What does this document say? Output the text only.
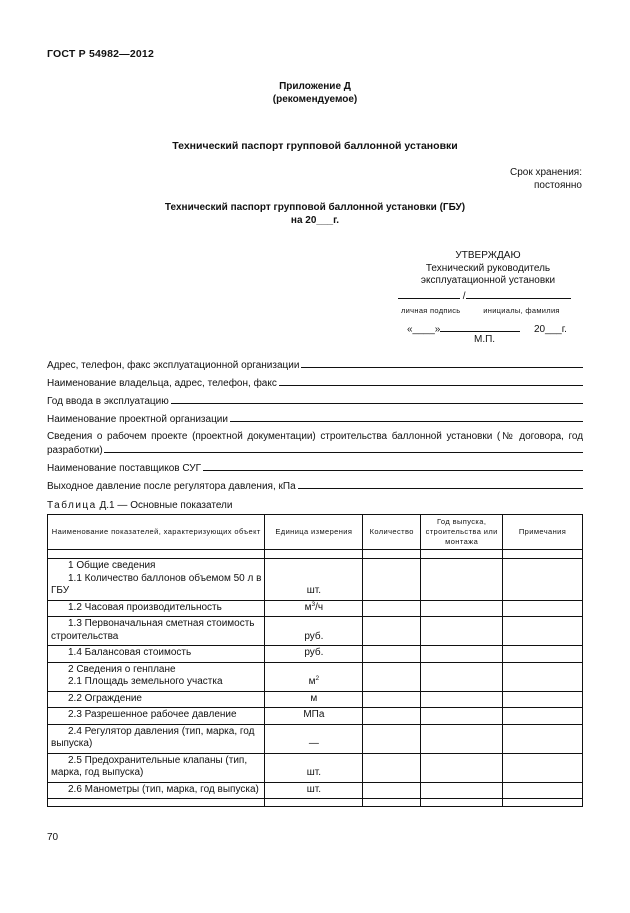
ГОСТ Р 54982—2012
Приложение Д
(рекомендуемое)
Технический паспорт групповой баллонной установки
Срок хранения:
постоянно
Технический паспорт групповой баллонной установки (ГБУ)
на 20___г.
УТВЕРЖДАЮ
Технический руководитель
эксплуатационной установки
/
личная подпись	инициалы, фамилия
«____»	20___г.
М.П.
Адрес, телефон, факс эксплуатационной организации
Наименование владельца, адрес, телефон, факс
Год ввода в эксплуатацию
Наименование проектной организации
Сведения о рабочем проекте (проектной документации) строительства баллонной установки (№ договора, год
разработки)
Наименование поставщиков СУГ
Выходное давление после регулятора давления, кПа
Таблица Д.1 — Основные показатели
Наименование показателей, характеризующих объект	Единица измерения	Количество	Год выпуска, строительства или монтажа	Примечания

1 Общие сведения
1.1 Количество баллонов объемом 50 л в ГБУ	шт.			
1.2 Часовая производительность	$м^3/ч$			
1.3 Первоначальная сметная стоимость строительства	руб.			
1.4 Балансовая стоимость	руб.			

2 Сведения о генплане
2.1 Площадь земельного участка	$м^2$			
2.2 Ограждение	м			
2.3 Разрешенное рабочее давление	МПа			
2.4 Регулятор давления (тип, марка, год выпуска)	—			
2.5 Предохранительные клапаны (тип, марка, год выпуска)	шт.			
2.6 Манометры (тип, марка, год выпуска)	шт.			

70
